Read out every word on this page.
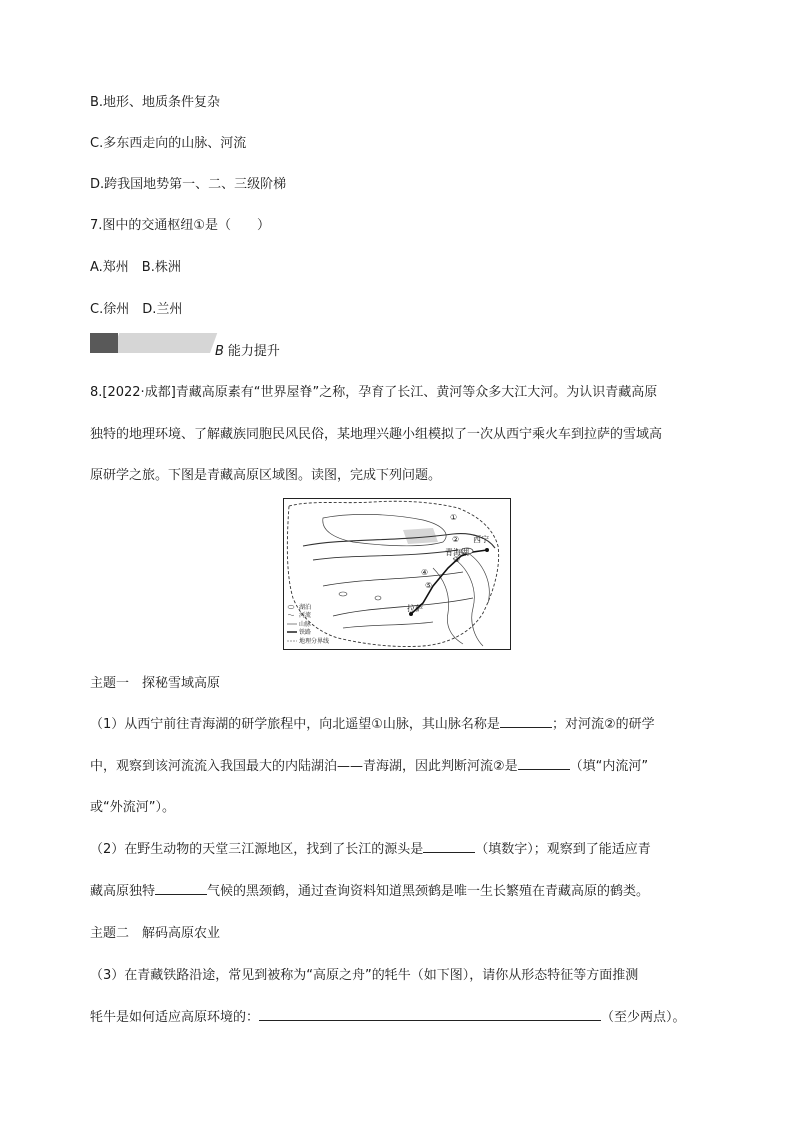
B.地形、地质条件复杂
C.多东西走向的山脉、河流
D.跨我国地势第一、二、三级阶梯
7.图中的交通枢纽①是（　　）
A.郑州　B.株洲
C.徐州　D.兰州
B 能力提升
8.[2022·成都]青藏高原素有“世界屋脊”之称，孕育了长江、黄河等众多大江大河。为认识青藏高原
独特的地理环境、了解藏族同胞民风民俗，某地理兴趣小组模拟了一次从西宁乘火车到拉萨的雪域高
原研学之旅。下图是青藏高原区域图。读图，完成下列问题。
西宁
青海湖
拉萨
①
②
③
④
⑤
湖泊
河流
山脉
铁路
地理分界线
主题一　探秘雪域高原
（1）从西宁前往青海湖的研学旅程中，向北遥望①山脉，其山脉名称是	；对河流②的研学
中，观察到该河流流入我国最大的内陆湖泊——青海湖，因此判断河流②是	（填“内流河”
或“外流河”）。
（2）在野生动物的天堂三江源地区，找到了长江的源头是	（填数字）；观察到了能适应青
藏高原独特	气候的黑颈鹤，通过查询资料知道黑颈鹤是唯一生长繁殖在青藏高原的鹤类。
主题二　解码高原农业
（3）在青藏铁路沿途，常见到被称为“高原之舟”的牦牛（如下图），请你从形态特征等方面推测
牦牛是如何适应高原环境的：	（至少两点）。
